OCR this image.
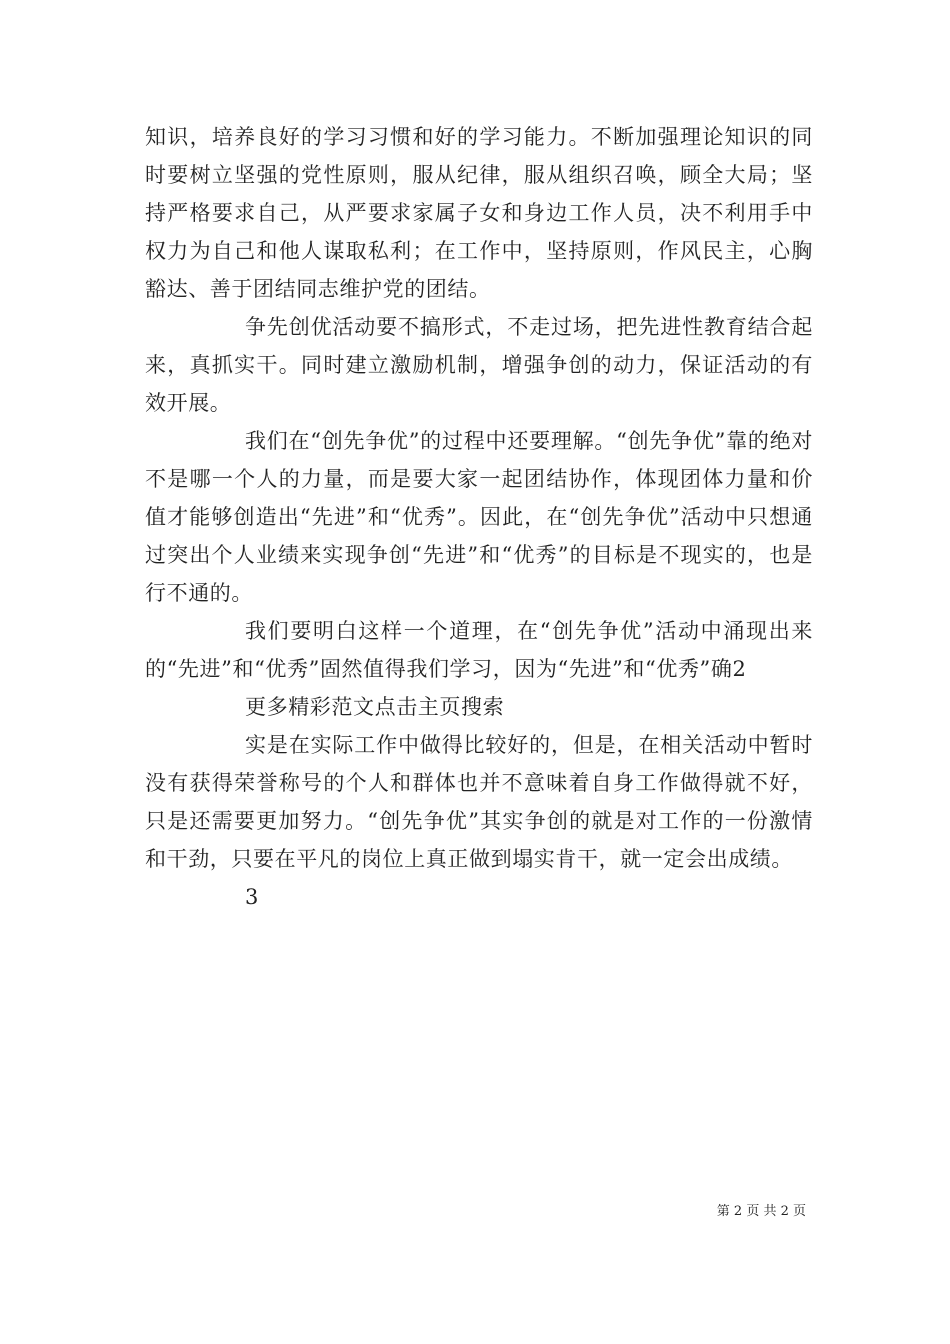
知识，培养良好的学习习惯和好的学习能力。不断加强理论知识的同时要树立坚强的党性原则，服从纪律，服从组织召唤，顾全大局；坚持严格要求自己，从严要求家属子女和身边工作人员，决不利用手中权力为自己和他人谋取私利；在工作中，坚持原则，作风民主，心胸豁达、善于团结同志维护党的团结。

争先创优活动要不搞形式，不走过场，把先进性教育结合起来，真抓实干。同时建立激励机制，增强争创的动力，保证活动的有效开展。

我们在“创先争优”的过程中还要理解。“创先争优”靠的绝对不是哪一个人的力量，而是要大家一起团结协作，体现团体力量和价值才能够创造出“先进”和“优秀”。因此，在“创先争优”活动中只想通过突出个人业绩来实现争创“先进”和“优秀”的目标是不现实的，也是行不通的。

我们要明白这样一个道理，在“创先争优”活动中涌现出来的“先进”和“优秀”固然值得我们学习，因为“先进”和“优秀”确2

更多精彩范文点击主页搜索

实是在实际工作中做得比较好的，但是，在相关活动中暂时没有获得荣誉称号的个人和群体也并不意味着自身工作做得就不好，只是还需要更加努力。“创先争优”其实争创的就是对工作的一份激情和干劲，只要在平凡的岗位上真正做到塌实肯干，就一定会出成绩。

3

第 2 页 共 2 页
